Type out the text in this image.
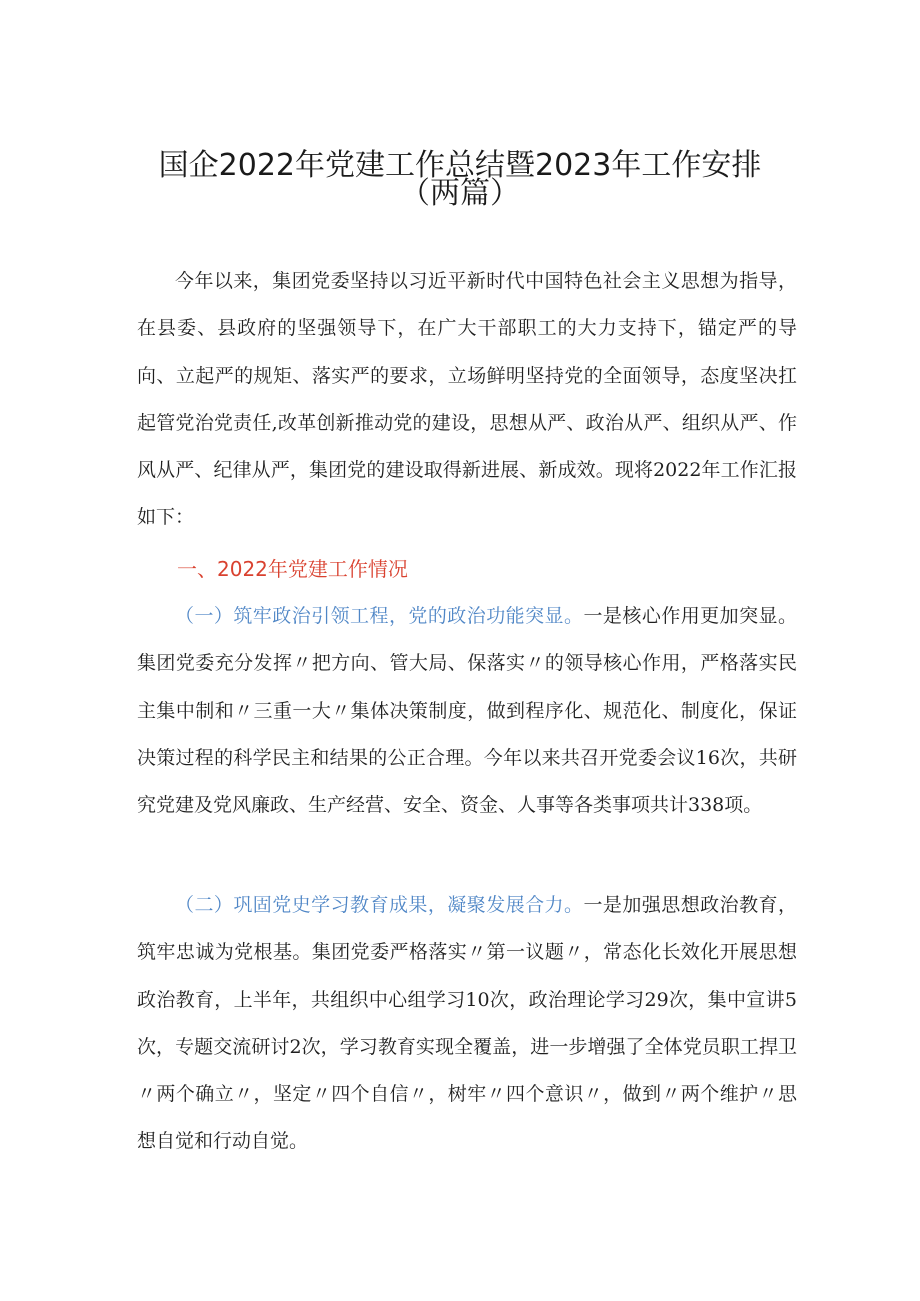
国企2022年党建工作总结暨2023年工作安排
（两篇）
今年以来，集团党委坚持以习近平新时代中国特色社会主义思想为指导，在县委、县政府的坚强领导下，在广大干部职工的大力支持下，锚定严的导向、立起严的规矩、落实严的要求，立场鲜明坚持党的全面领导，态度坚决扛起管党治党责任,改革创新推动党的建设，思想从严、政治从严、组织从严、作风从严、纪律从严，集团党的建设取得新进展、新成效。现将2022年工作汇报如下：
一、2022年党建工作情况
（一）筑牢政治引领工程，党的政治功能突显。一是核心作用更加突显。集团党委充分发挥〃把方向、管大局、保落实〃的领导核心作用，严格落实民主集中制和〃三重一大〃集体决策制度，做到程序化、规范化、制度化，保证决策过程的科学民主和结果的公正合理。今年以来共召开党委会议16次，共研究党建及党风廉政、生产经营、安全、资金、人事等各类事项共计338项。
（二）巩固党史学习教育成果，凝聚发展合力。一是加强思想政治教育，筑牢忠诚为党根基。集团党委严格落实〃第一议题〃，常态化长效化开展思想政治教育，上半年，共组织中心组学习10次，政治理论学习29次，集中宣讲5次，专题交流研讨2次，学习教育实现全覆盖，进一步增强了全体党员职工捍卫〃两个确立〃，坚定〃四个自信〃，树牢〃四个意识〃，做到〃两个维护〃思想自觉和行动自觉。
